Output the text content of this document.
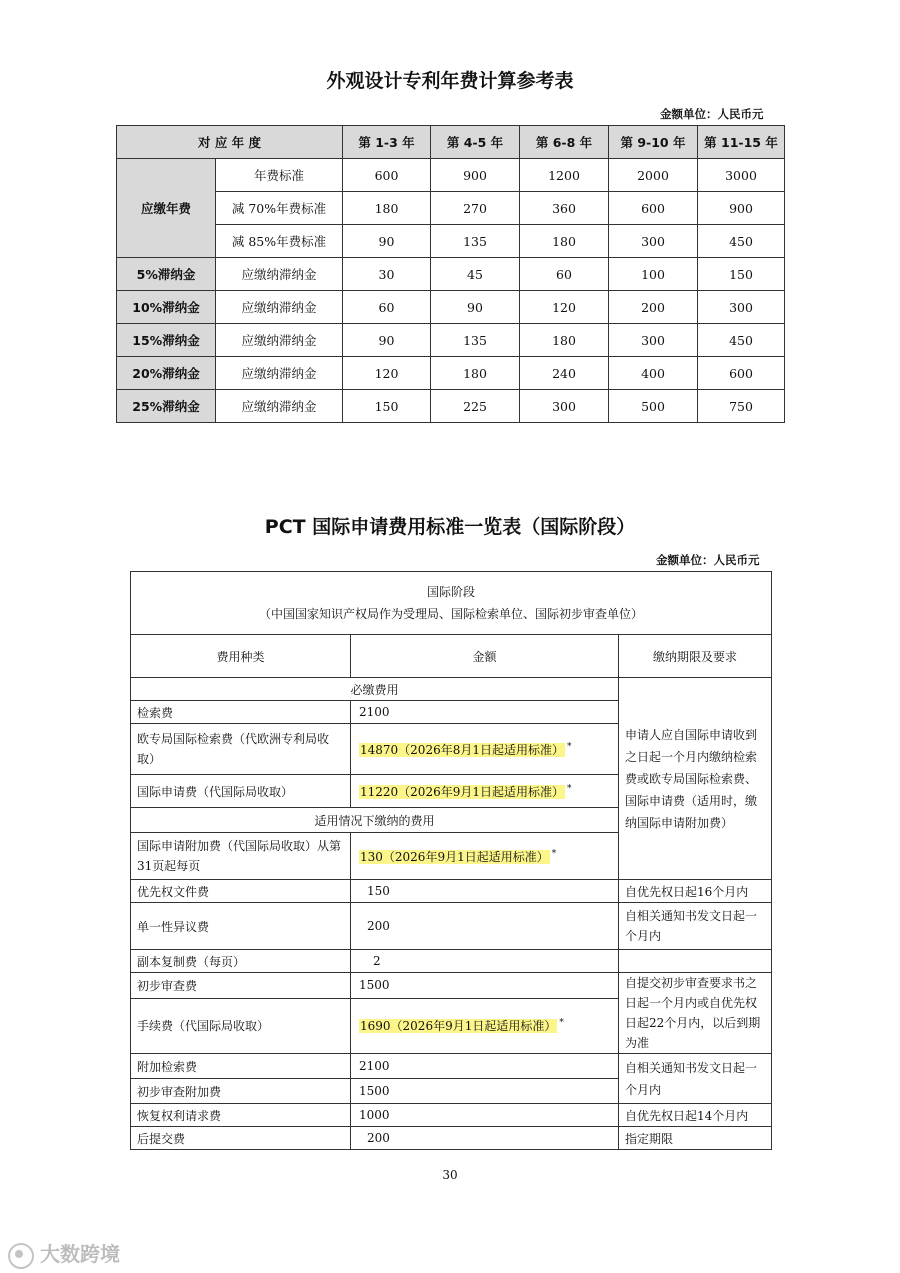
外观设计专利年费计算参考表
金额单位：人民币元
对 应 年 度		第 1-3 年	第 4-5 年	第 6-8 年	第 9-10 年	第 11-15 年
应缴年费	年费标准	600	900	1200	2000	3000
	减 70%年费标准	180	270	360	600	900
	减 85%年费标准	90	135	180	300	450
5%滞纳金	应缴纳滞纳金	30	45	60	100	150
10%滞纳金	应缴纳滞纳金	60	90	120	200	300
15%滞纳金	应缴纳滞纳金	90	135	180	300	450
20%滞纳金	应缴纳滞纳金	120	180	240	400	600
25%滞纳金	应缴纳滞纳金	150	225	300	500	750
PCT 国际申请费用标准一览表（国际阶段）
金额单位：人民币元
国际阶段
（中国国家知识产权局作为受理局、国际检索单位、国际初步审查单位）		

费用种类	金额	缴纳期限及要求
必缴费用		申请人应自国际申请收到之日起一个月内缴纳检索费或欧专局国际检索费、国际申请费（适用时，缴纳国际申请附加费）
检索费	2100	
欧专局国际检索费（代欧洲专利局收取）	14870（2026年8月1日起适用标准） *
国际申请费（代国际局收取）	11220（2026年9月1日起适用标准） *
适用情况下缴纳的费用		
国际申请附加费（代国际局收取）从第31页起每页	130（2026年9月1日起适用标准） *
优先权文件费	150	自优先权日起16个月内
单一性异议费	200	自相关通知书发文日起一个月内
副本复制费（每页）	2	
初步审查费	1500	自提交初步审查要求书之日起一个月内或自优先权日起22个月内，以后到期为准
手续费（代国际局收取）	1690（2026年9月1日起适用标准） *
附加检索费	2100	自相关通知书发文日起一个月内
初步审查附加费	1500	
恢复权利请求费	1000	自优先权日起14个月内
后提交费	200	指定期限
30
大数跨境
